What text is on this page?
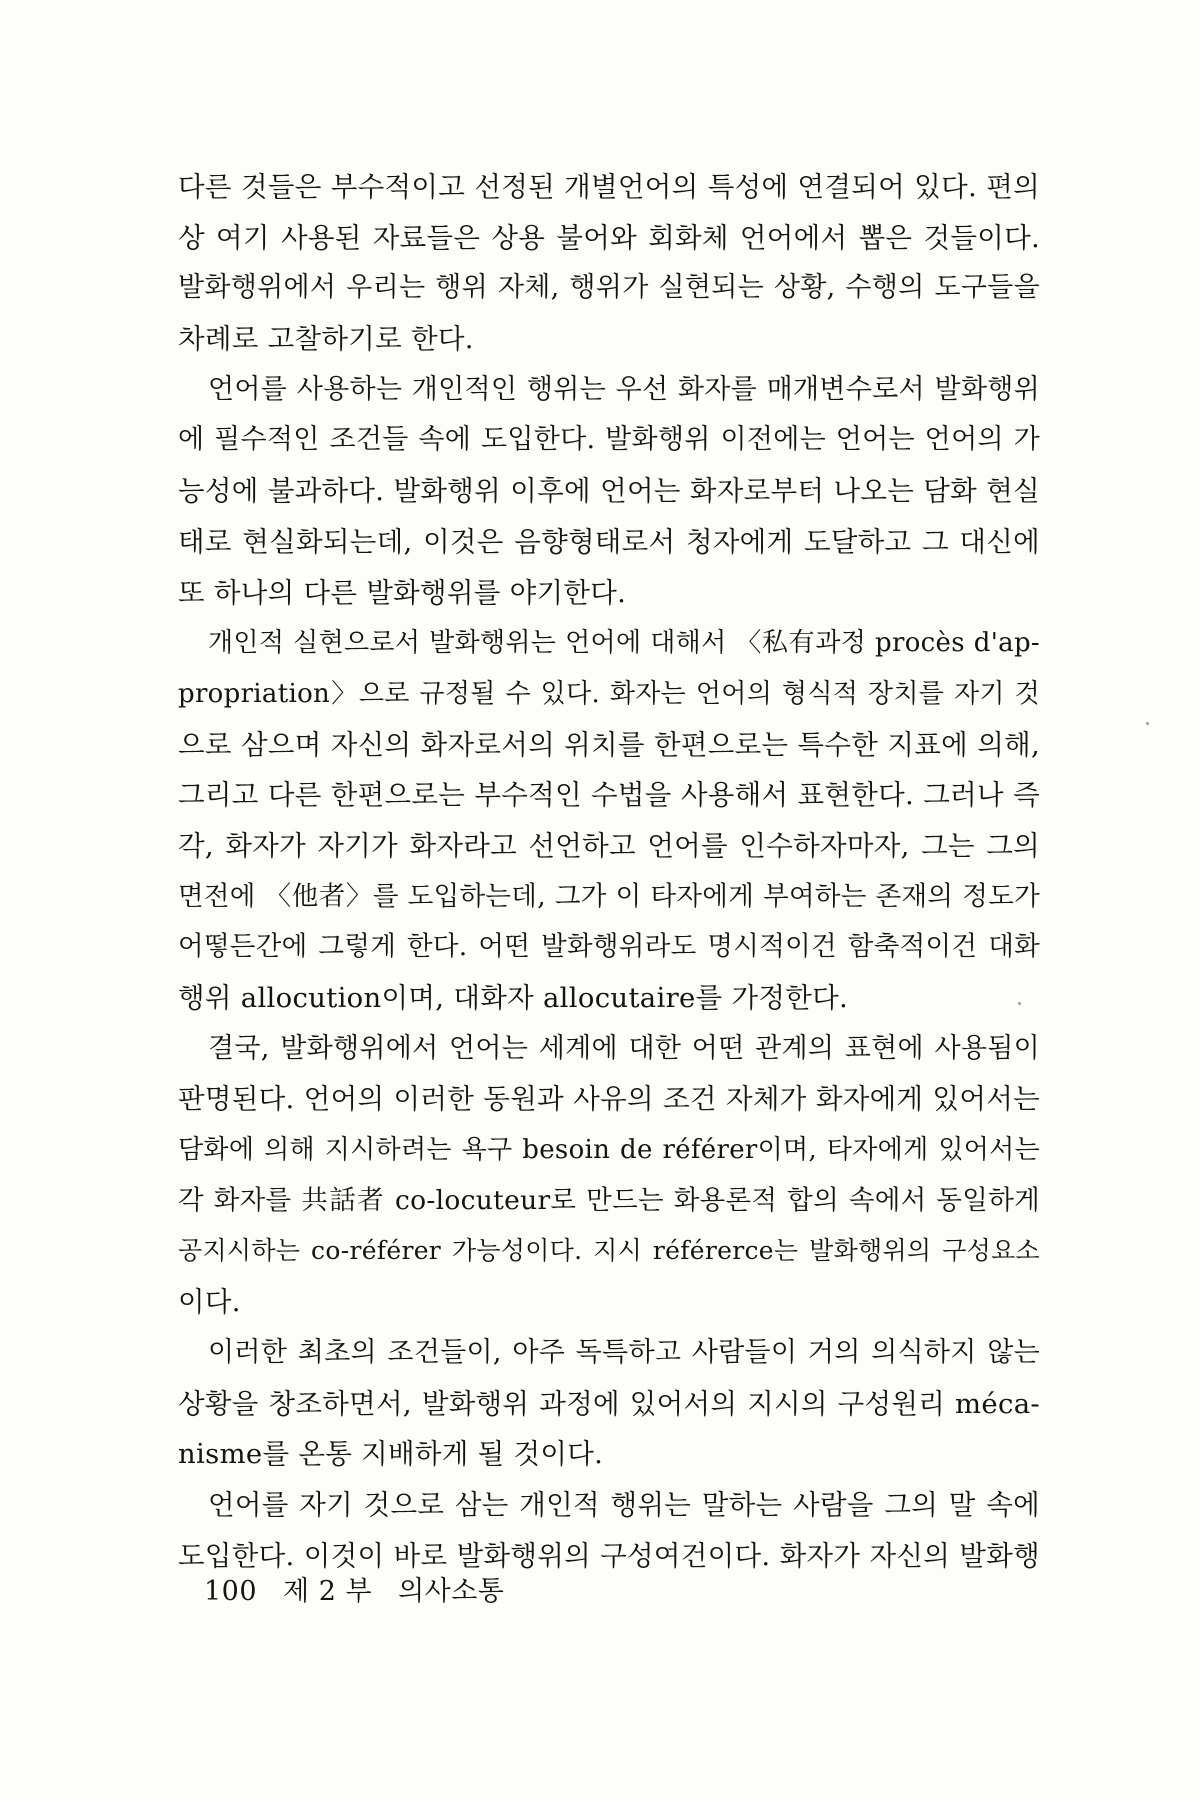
다른 것들은 부수적이고 선정된 개별언어의 특성에 연결되어 있다. 편의
상 여기 사용된 자료들은 상용 불어와 회화체 언어에서 뽑은 것들이다.
발화행위에서 우리는 행위 자체, 행위가 실현되는 상황, 수행의 도구들을
차례로 고찰하기로 한다.
언어를 사용하는 개인적인 행위는 우선 화자를 매개변수로서 발화행위
에 필수적인 조건들 속에 도입한다. 발화행위 이전에는 언어는 언어의 가
능성에 불과하다. 발화행위 이후에 언어는 화자로부터 나오는 담화 현실
태로 현실화되는데, 이것은 음향형태로서 청자에게 도달하고 그 대신에
또 하나의 다른 발화행위를 야기한다.
개인적 실현으로서 발화행위는 언어에 대해서 〈私有과정 procès d'ap-
propriation〉으로 규정될 수 있다. 화자는 언어의 형식적 장치를 자기 것
으로 삼으며 자신의 화자로서의 위치를 한편으로는 특수한 지표에 의해,
그리고 다른 한편으로는 부수적인 수법을 사용해서 표현한다. 그러나 즉
각, 화자가 자기가 화자라고 선언하고 언어를 인수하자마자, 그는 그의
면전에 〈他者〉를 도입하는데, 그가 이 타자에게 부여하는 존재의 정도가
어떻든간에 그렇게 한다. 어떤 발화행위라도 명시적이건 함축적이건 대화
행위 allocution이며, 대화자 allocutaire를 가정한다.
결국, 발화행위에서 언어는 세계에 대한 어떤 관계의 표현에 사용됨이
판명된다. 언어의 이러한 동원과 사유의 조건 자체가 화자에게 있어서는
담화에 의해 지시하려는 욕구 besoin de référer이며, 타자에게 있어서는
각 화자를 共話者 co-locuteur로 만드는 화용론적 합의 속에서 동일하게
공지시하는 co-référer 가능성이다. 지시 référerce는 발화행위의 구성요소
이다.
이러한 최초의 조건들이, 아주 독특하고 사람들이 거의 의식하지 않는
상황을 창조하면서, 발화행위 과정에 있어서의 지시의 구성원리 méca-
nisme를 온통 지배하게 될 것이다.
언어를 자기 것으로 삼는 개인적 행위는 말하는 사람을 그의 말 속에
도입한다. 이것이 바로 발화행위의 구성여건이다. 화자가 자신의 발화행
100 제 2 부 의사소통
